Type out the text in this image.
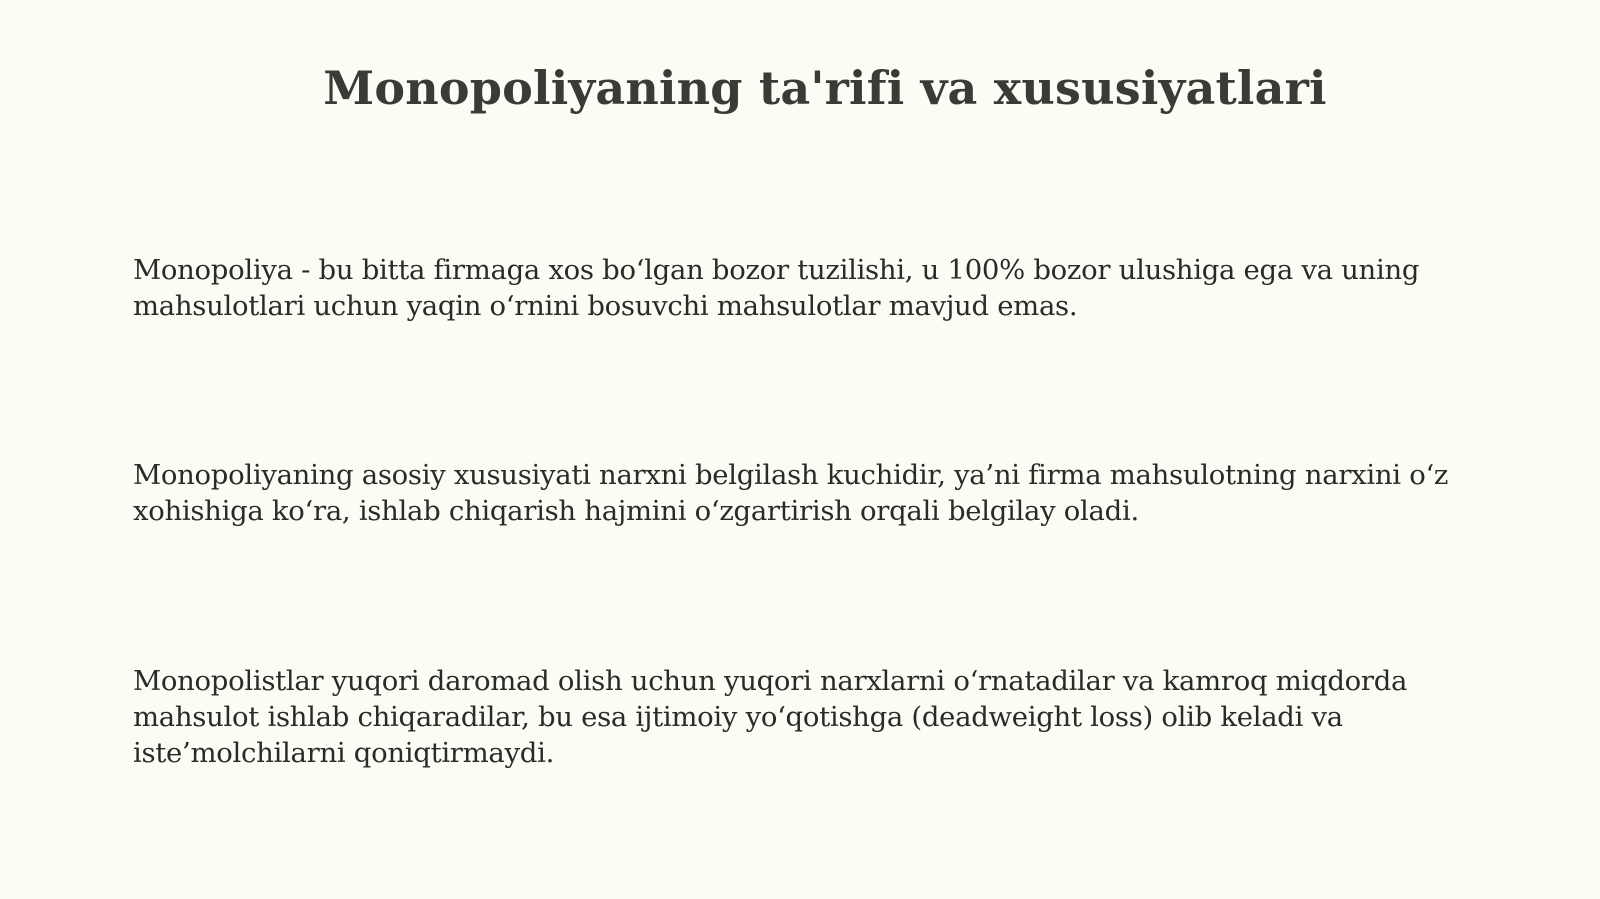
Monopoliyaning ta'rifi va xususiyatlari

Monopoliya - bu bitta firmaga xos bo‘lgan bozor tuzilishi, u 100% bozor ulushiga ega va uning mahsulotlari uchun yaqin o‘rnini bosuvchi mahsulotlar mavjud emas.

Monopoliyaning asosiy xususiyati narxni belgilash kuchidir, ya’ni firma mahsulotning narxini o‘z xohishiga ko‘ra, ishlab chiqarish hajmini o‘zgartirish orqali belgilay oladi.

Monopolistlar yuqori daromad olish uchun yuqori narxlarni o‘rnatadilar va kamroq miqdorda mahsulot ishlab chiqaradilar, bu esa ijtimoiy yo‘qotishga (deadweight loss) olib keladi va iste’molchilarni qoniqtirmaydi.
